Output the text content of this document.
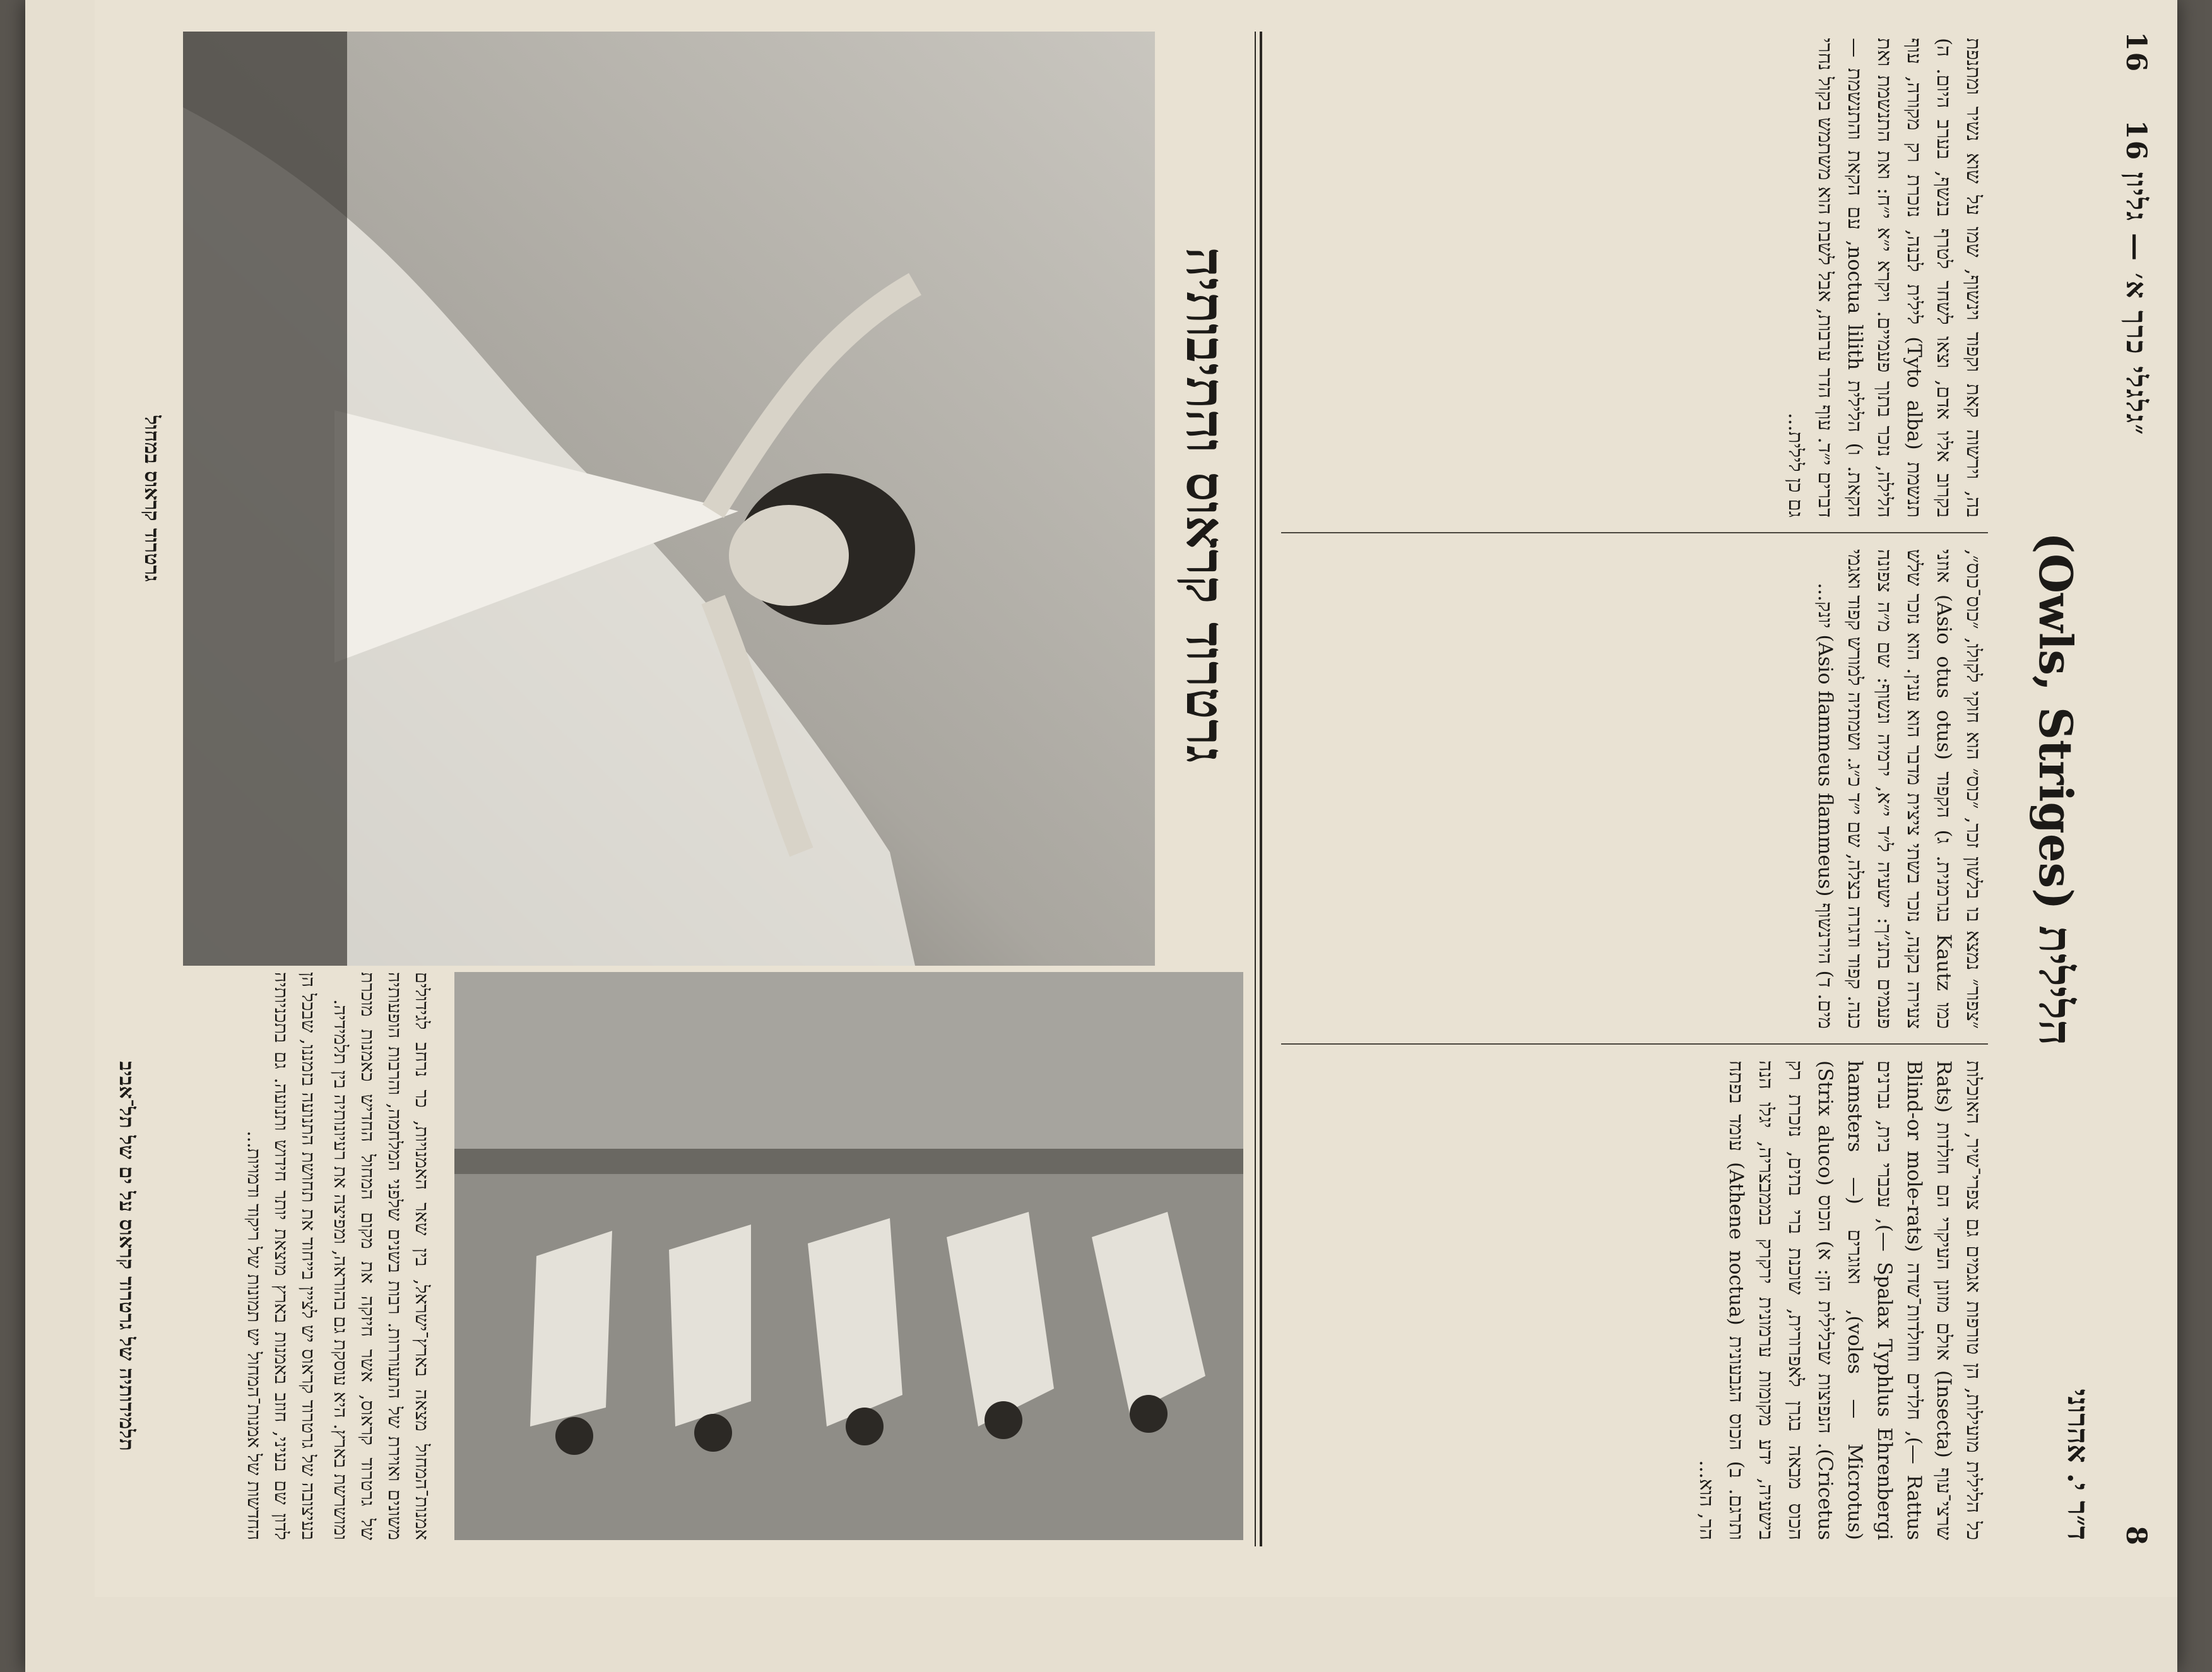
8
16
״גלגלי כרך א׳ — גליון 16
ד״ר י. אהרוני
הלילית (Owls, Striges)

כל הלילית מועילות, הן טורפות אגמים גם צפרי־שיר, האוכלות שרצי־עוף (Insecta) אולם מזונן העיקרי הם חולדות (Rats — Rattus), חלדים וחולדות־שדה (Blind-or mole-rats — Spalax Typhlus Ehrenbergi), עכברי בית, נברנים (voles — Microtus), ואוגרים (hamsters — Cricetus). הנפוצות שבלילית הן: א) הכוס (Strix aluco) הכוס מבאה בגרן לאפרורית, שוכנת ברי בתים, נזכרת רק בישעיה, ידע מקומות ערמונית ירקרק בממבצריה, יגלו הנה ותרגם. ב) הכוס הגבעונית (Athene noctua) עומד בפתח הר, הוא...

״צפור״ נמצא בו בלשון זכר, ״כוס״ הוא חוקי לקולו, ״כוס־כוס״, כמו Kautz בגרמנית. ג) הקפוד (Asio otus otus) אוזני צעירה בקנה, נזכר בשתי ציצית מדבר הוא ענין. הוא נזכר שלש פעמים בתנ״ך: ישעיה ל״ד י״א, ירמיה ונשוף: שם מ״ה צפונה כנה. קפוד ודגרה בצלה, שם י״ד כ״ג. ושמתיה למורש קפוד ואגמי מים. ד) הירנשוף (Asio flammeus flammeus) יונק...

בה, וירשוה קאת וקפוד וינשוף, שמו על שוא נשיר ומתנפת בקרוב אליו אדם, וצאו לשחר לטרף בנשף, בערב היום. ה) תנשמת (Tyto alba) לילית לבנה, נזכרת רק מקורה, עוף הלילה, נזכר בתוך פעמיים. ויקרא י״א י״ח: ואת התנשמת ואת הקאת. ו) הלילית noctua lilith, עם הקאת והתנשמת — דברים י״ד. עוף הדר ערבות, אבל לשבת הוא משתמש בקול נחרי גם כן לילית...

גרטרוד קראוס והתיבותיה

אמנות־המחול מצאה בארץ־ישראל, בין שאר האמנויות, כר נרחב לגידולים משונים ואוירת של התעוררות. רבות בשנים שלפני המלחמה, והרבות הופעותיה של גרטרוד קראוס, אשר חיזקה את מקום המחול החדיש כאמנות מוכרת ומושרשת בארץ. היא עוסקת גם בהוראה, ומפיצה את רעיונותיה בין תלמידיה.

בעיצובה של גרטרוד קראוס יש לציין בייחוד את תחושת התנועה בזמננו, שבכל הן לדון שם בעיני, חוזב באמנות בארץ מוצאת יותר חידוש ותנועה. גם בתכניותיה החדשות של אמנות־המחול יש תמונות של ריקוד ודמויות...

גרטרוד קראוס במחול
תלמידותיה של גרטרוד קראוס על ים של תל־אביב
